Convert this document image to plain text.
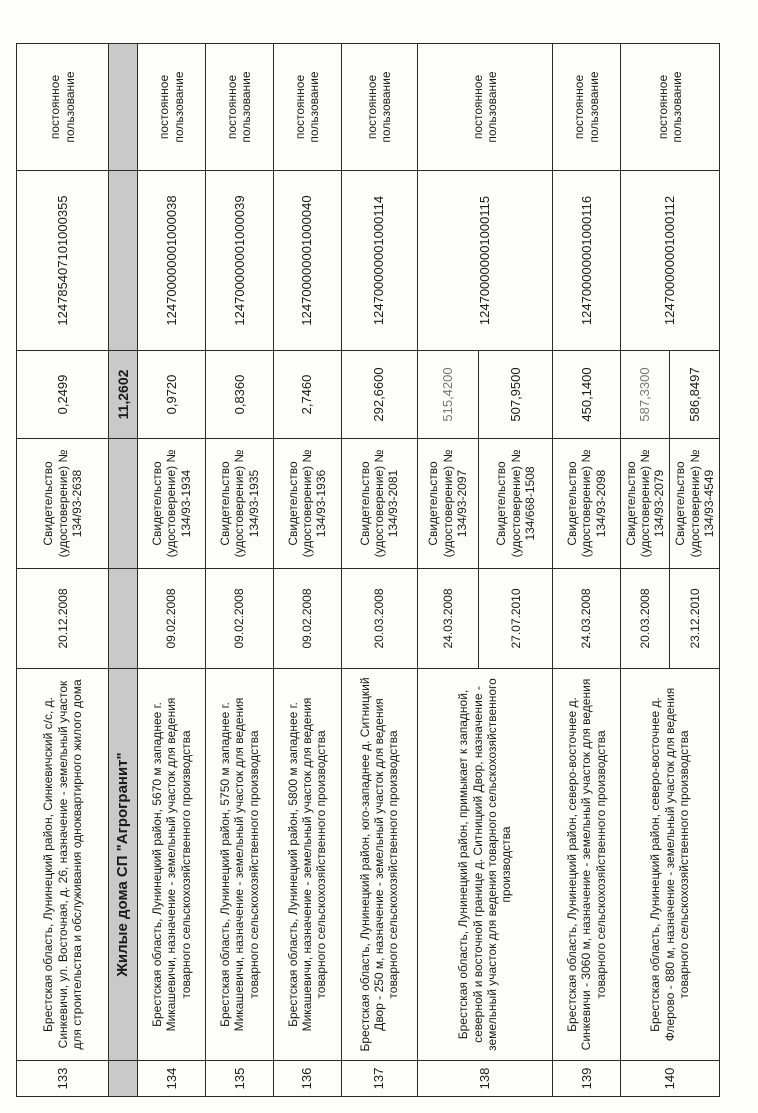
133	Брестская область, Лунинецкий район, Синкевичский с/с, д. Синкевичи, ул. Восточная, д. 26, назначение - земельный участок для строительства и обслуживания одноквартирного жилого дома	20.12.2008	Свидетельство (удостоверение) № 134/93-2638	0,2499	124785407101000355	постоянное пользование
	Жилые дома СП "Агрогранит"			11,2602		
134	Брестская область, Лунинецкий район, 5670 м западнее г. Микашевичи, назначение - земельный участок для ведения товарного сельскохозяйственного производства	09.02.2008	Свидетельство (удостоверение) № 134/93-1934	0,9720	124700000001000038	постоянное пользование
135	Брестская область, Лунинецкий район, 5750 м западнее г. Микашевичи, назначение - земельный участок для ведения товарного сельскохозяйственного производства	09.02.2008	Свидетельство (удостоверение) № 134/93-1935	0,8360	124700000001000039	постоянное пользование
136	Брестская область, Лунинецкий район, 5800 м западнее г. Микашевичи, назначение - земельный участок для ведения товарного сельскохозяйственного производства	09.02.2008	Свидетельство (удостоверение) № 134/93-1936	2,7460	124700000001000040	постоянное пользование
137	Брестская область, Лунинецкий район, юго-западнее д. Ситницкий Двор - 250 м, назначение - земельный участок для ведения товарного сельскохозяйственного производства	20.03.2008	Свидетельство (удостоверение) № 134/93-2081	292,6600	124700000001000114	постоянное пользование
138	Брестская область, Лунинецкий район, примыкает к западной, северной и восточной границе д. Ситницкий Двор, назначение - земельный участок для ведения товарного сельскохозяйственного производства	24.03.2008	Свидетельство (удостоверение) № 134/93-2097	515,4200	124700000001000115	постоянное пользование
		27.07.2010	Свидетельство (удостоверение) № 134/668-1508	507,9500		
139	Брестская область, Лунинецкий район, северо-восточнее д. Синкевичи - 3060 м, назначение - земельный участок для ведения товарного сельскохозяйственного производства	24.03.2008	Свидетельство (удостоверение) № 134/93-2098	450,1400	124700000001000116	постоянное пользование
140	Брестская область, Лунинецкий район, северо-восточнее д. Флерово - 880 м, назначение - земельный участок для ведения товарного сельскохозяйственного производства	20.03.2008	Свидетельство (удостоверение) № 134/93-2079	587,3300	124700000001000112	постоянное пользование
		23.12.2010	Свидетельство (удостоверение) № 134/93-4549	586,8497		
